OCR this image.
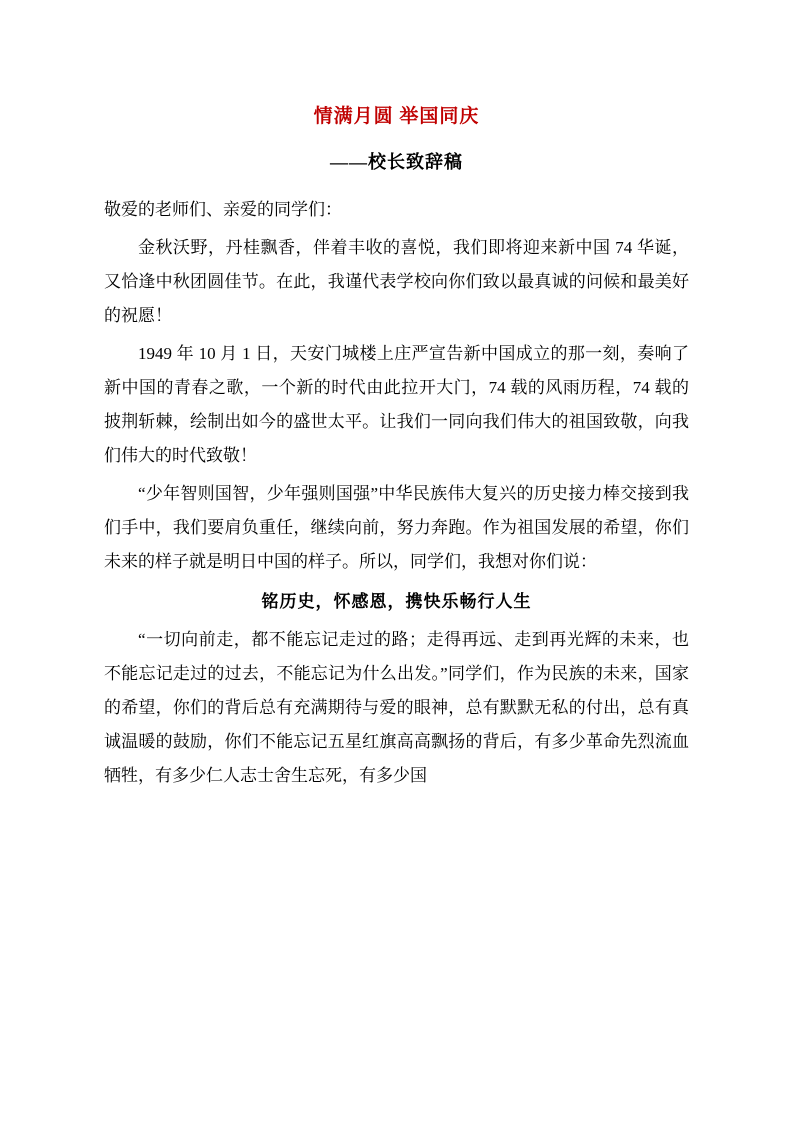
情满月圆 举国同庆
——校长致辞稿

敬爱的老师们、亲爱的同学们：

金秋沃野，丹桂飘香，伴着丰收的喜悦，我们即将迎来新中国 74 华诞，又恰逢中秋团圆佳节。在此，我谨代表学校向你们致以最真诚的问候和最美好的祝愿！

1949 年 10 月 1 日，天安门城楼上庄严宣告新中国成立的那一刻，奏响了新中国的青春之歌，一个新的时代由此拉开大门，74 载的风雨历程，74 载的披荆斩棘，绘制出如今的盛世太平。让我们一同向我们伟大的祖国致敬，向我们伟大的时代致敬！

“少年智则国智，少年强则国强”中华民族伟大复兴的历史接力棒交接到我们手中，我们要肩负重任，继续向前，努力奔跑。作为祖国发展的希望，你们未来的样子就是明日中国的样子。所以，同学们，我想对你们说：

铭历史，怀感恩，携快乐畅行人生

“一切向前走，都不能忘记走过的路；走得再远、走到再光辉的未来，也不能忘记走过的过去，不能忘记为什么出发。”同学们，作为民族的未来，国家的希望，你们的背后总有充满期待与爱的眼神，总有默默无私的付出，总有真诚温暖的鼓励，你们不能忘记五星红旗高高飘扬的背后，有多少革命先烈流血牺牲，有多少仁人志士舍生忘死，有多少国
